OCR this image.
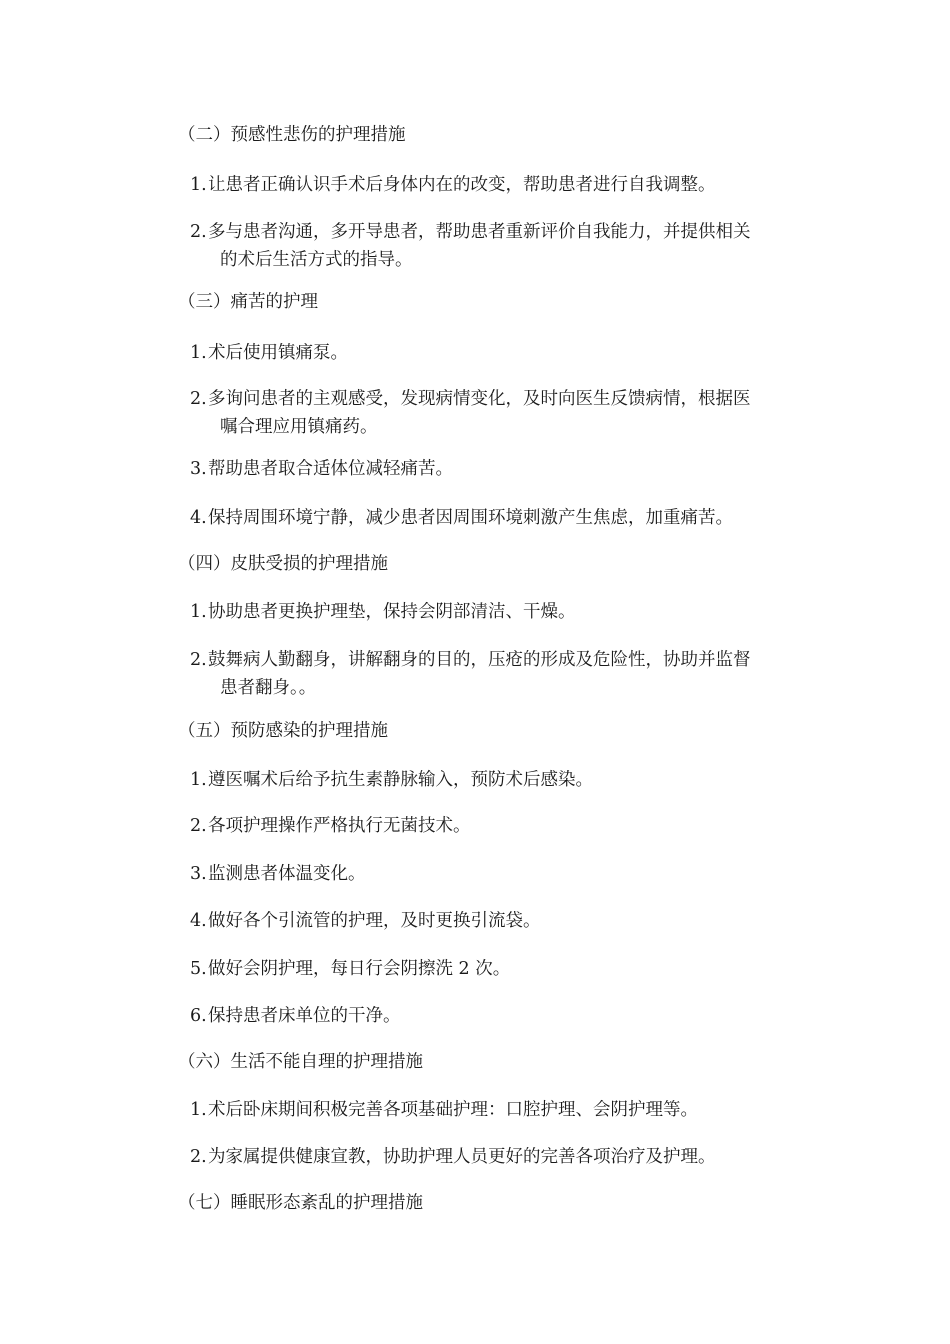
（二）预感性悲伤的护理措施
1. 让患者正确认识手术后身体内在的改变，帮助患者进行自我调整。
2. 多与患者沟通，多开导患者，帮助患者重新评价自我能力，并提供相关
的术后生活方式的指导。
（三）痛苦的护理
1. 术后使用镇痛泵。
2. 多询问患者的主观感受，发现病情变化，及时向医生反馈病情，根据医
嘱合理应用镇痛药。
3. 帮助患者取合适体位减轻痛苦。
4. 保持周围环境宁静，减少患者因周围环境刺激产生焦虑，加重痛苦。
（四）皮肤受损的护理措施
1. 协助患者更换护理垫，保持会阴部清洁、干燥。
2. 鼓舞病人勤翻身，讲解翻身的目的，压疮的形成及危险性，协助并监督
患者翻身。。
（五）预防感染的护理措施
1. 遵医嘱术后给予抗生素静脉输入，预防术后感染。
2. 各项护理操作严格执行无菌技术。
3. 监测患者体温变化。
4. 做好各个引流管的护理，及时更换引流袋。
5. 做好会阴护理，每日行会阴擦洗 2 次。
6. 保持患者床单位的干净。
（六）生活不能自理的护理措施
1. 术后卧床期间积极完善各项基础护理：口腔护理、会阴护理等。
2. 为家属提供健康宣教，协助护理人员更好的完善各项治疗及护理。
（七）睡眠形态紊乱的护理措施
